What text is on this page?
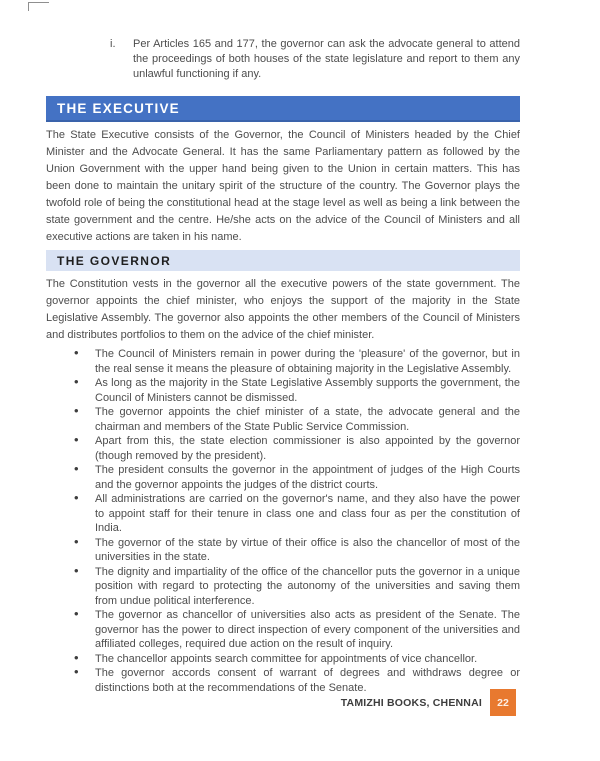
i.	Per Articles 165 and 177, the governor can ask the advocate general to attend the proceedings of both houses of the state legislature and report to them any unlawful functioning if any.

THE EXECUTIVE

The State Executive consists of the Governor, the Council of Ministers headed by the Chief Minister and the Advocate General. It has the same Parliamentary pattern as followed by the Union Government with the upper hand being given to the Union in certain matters. This has been done to maintain the unitary spirit of the structure of the country. The Governor plays the twofold role of being the constitutional head at the stage level as well as being a link between the state government and the centre. He/she acts on the advice of the Council of Ministers and all executive actions are taken in his name.

THE GOVERNOR

The Constitution vests in the governor all the executive powers of the state government. The governor appoints the chief minister, who enjoys the support of the majority in the State Legislative Assembly. The governor also appoints the other members of the Council of Ministers and distributes portfolios to them on the advice of the chief minister.

• The Council of Ministers remain in power during the 'pleasure' of the governor, but in the real sense it means the pleasure of obtaining majority in the Legislative Assembly.
• As long as the majority in the State Legislative Assembly supports the government, the Council of Ministers cannot be dismissed.
• The governor appoints the chief minister of a state, the advocate general and the chairman and members of the State Public Service Commission.
• Apart from this, the state election commissioner is also appointed by the governor (though removed by the president).
• The president consults the governor in the appointment of judges of the High Courts and the governor appoints the judges of the district courts.
• All administrations are carried on the governor's name, and they also have the power to appoint staff for their tenure in class one and class four as per the constitution of India.
• The governor of the state by virtue of their office is also the chancellor of most of the universities in the state.
• The dignity and impartiality of the office of the chancellor puts the governor in a unique position with regard to protecting the autonomy of the universities and saving them from undue political interference.
• The governor as chancellor of universities also acts as president of the Senate. The governor has the power to direct inspection of every component of the universities and affiliated colleges, required due action on the result of inquiry.
• The chancellor appoints search committee for appointments of vice chancellor.
• The governor accords consent of warrant of degrees and withdraws degree or distinctions both at the recommendations of the Senate.
TAMIZHI BOOKS, CHENNAI	22
